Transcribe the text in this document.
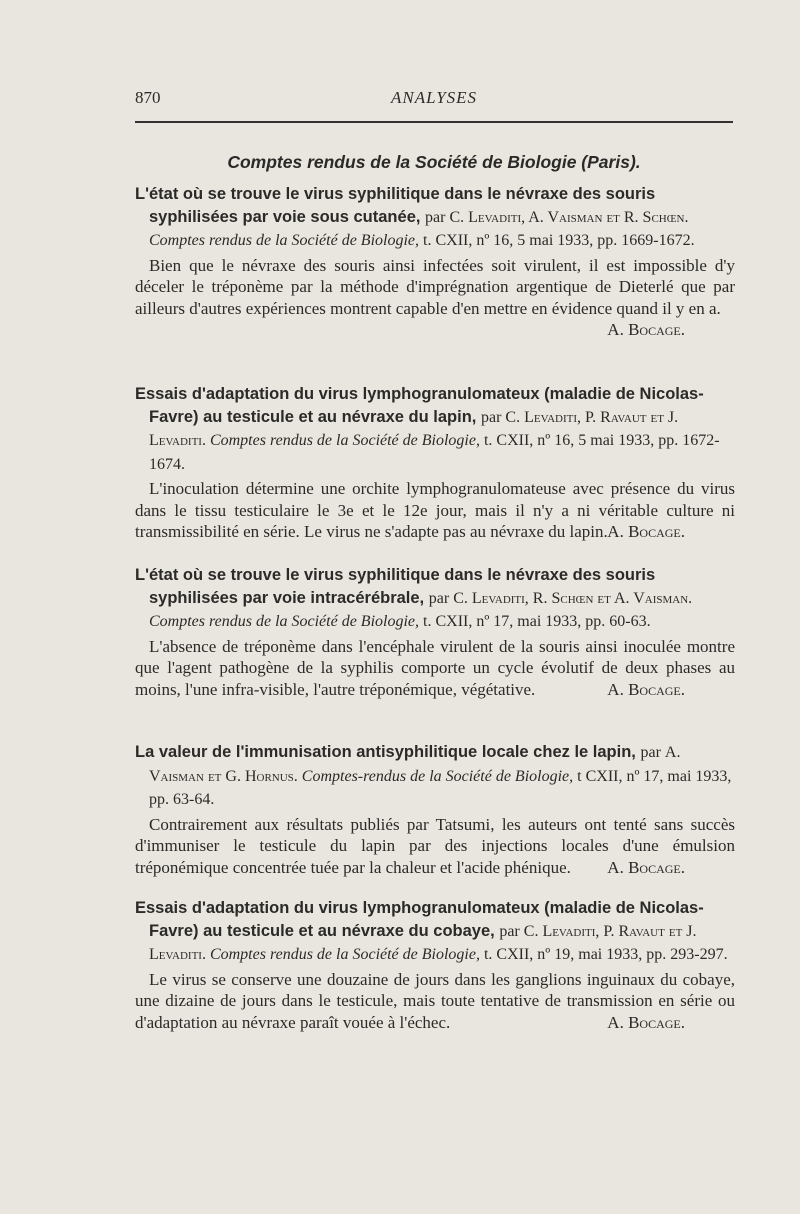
870	ANALYSES
Comptes rendus de la Société de Biologie (Paris).
L'état où se trouve le virus syphilitique dans le névraxe des souris syphilisées par voie sous cutanée, par C. Levaditi, A. Vaisman et R. Schœn. Comptes rendus de la Société de Biologie, t. CXII, nº 16, 5 mai 1933, pp. 1669-1672.

Bien que le névraxe des souris ainsi infectées soit virulent, il est impossible d'y déceler le tréponème par la méthode d'imprégnation argentique de Dieterlé que par ailleurs d'autres expériences montrent capable d'en mettre en évidence quand il y en a.

A. Bocage.
Essais d'adaptation du virus lymphogranulomateux (maladie de Nicolas-Favre) au testicule et au névraxe du lapin, par C. Levaditi, P. Ravaut et J. Levaditi. Comptes rendus de la Société de Biologie, t. CXII, nº 16, 5 mai 1933, pp. 1672-1674.

L'inoculation détermine une orchite lymphogranulomateuse avec présence du virus dans le tissu testiculaire le 3e et le 12e jour, mais il n'y a ni véritable culture ni transmissibilité en série. Le virus ne s'adapte pas au névraxe du lapin. A. Bocage.
L'état où se trouve le virus syphilitique dans le névraxe des souris syphilisées par voie intracérébrale, par C. Levaditi, R. Schœn et A. Vaisman. Comptes rendus de la Société de Biologie, t. CXII, nº 17, mai 1933, pp. 60-63.

L'absence de tréponème dans l'encéphale virulent de la souris ainsi inoculée montre que l'agent pathogène de la syphilis comporte un cycle évolutif de deux phases au moins, l'une infra-visible, l'autre tréponémique, végétative.	A. Bocage.
La valeur de l'immunisation antisyphilitique locale chez le lapin, par A. Vaisman et G. Hornus. Comptes-rendus de la Société de Biologie, t CXII, nº 17, mai 1933, pp. 63-64.

Contrairement aux résultats publiés par Tatsumi, les auteurs ont tenté sans succès d'immuniser le testicule du lapin par des injections locales d'une émulsion tréponémique concentrée tuée par la chaleur et l'acide phénique.	A. Bocage.
Essais d'adaptation du virus lymphogranulomateux (maladie de Nicolas-Favre) au testicule et au névraxe du cobaye, par C. Levaditi, P. Ravaut et J. Levaditi. Comptes rendus de la Société de Biologie, t. CXII, nº 19, mai 1933, pp. 293-297.

Le virus se conserve une douzaine de jours dans les ganglions inguinaux du cobaye, une dizaine de jours dans le testicule, mais toute tentative de transmission en série ou d'adaptation au névraxe paraît vouée à l'échec.	A. Bocage.
